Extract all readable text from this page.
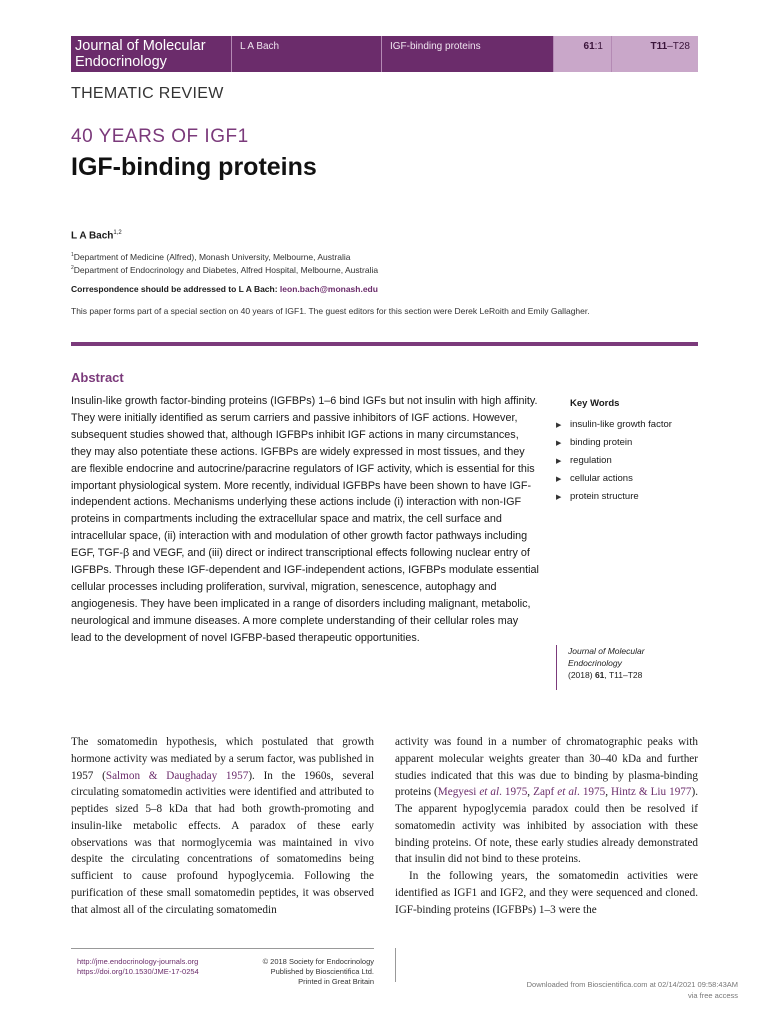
Journal of Molecular
Endocrinology
L A Bach	IGF-binding proteins	61:1	T11–T28
THEMATIC REVIEW
40 YEARS OF IGF1
IGF-binding proteins
L A Bach$^{1,2}$
$^1$Department of Medicine (Alfred), Monash University, Melbourne, Australia
$^2$Department of Endocrinology and Diabetes, Alfred Hospital, Melbourne, Australia
Correspondence should be addressed to L A Bach: leon.bach@monash.edu
This paper forms part of a special section on 40 years of IGF1. The guest editors for this section were Derek LeRoith and Emily Gallagher.
Abstract
Insulin-like growth factor-binding proteins (IGFBPs) 1–6 bind IGFs but not insulin with high affinity. They were initially identified as serum carriers and passive inhibitors of IGF actions. However, subsequent studies showed that, although IGFBPs inhibit IGF actions in many circumstances, they may also potentiate these actions. IGFBPs are widely expressed in most tissues, and they are flexible endocrine and autocrine/paracrine regulators of IGF activity, which is essential for this important physiological system. More recently, individual IGFBPs have been shown to have IGF-independent actions. Mechanisms underlying these actions include (i) interaction with non-IGF proteins in compartments including the extracellular space and matrix, the cell surface and intracellular space, (ii) interaction with and modulation of other growth factor pathways including EGF, TGF-β and VEGF, and (iii) direct or indirect transcriptional effects following nuclear entry of IGFBPs. Through these IGF-dependent and IGF-independent actions, IGFBPs modulate essential cellular processes including proliferation, survival, migration, senescence, autophagy and angiogenesis. They have been implicated in a range of disorders including malignant, metabolic, neurological and immune diseases. A more complete understanding of their cellular roles may lead to the development of novel IGFBP-based therapeutic opportunities.
Key Words
▶ insulin-like growth factor
▶ binding protein
▶ regulation
▶ cellular actions
▶ protein structure
Journal of Molecular
Endocrinology
(2018) 61, T11–T28

The somatomedin hypothesis, which postulated that growth hormone activity was mediated by a serum factor, was published in 1957 (Salmon & Daughaday 1957). In the 1960s, several circulating somatomedin activities were identified and attributed to peptides sized 5–8 kDa that had both growth-promoting and insulin-like metabolic effects. A paradox of these early observations was that normoglycemia was maintained in vivo despite the circulating concentrations of somatomedins being sufficient to cause profound hypoglycemia. Following the purification of these small somatomedin peptides, it was observed that almost all of the circulating somatomedin

activity was found in a number of chromatographic peaks with apparent molecular weights greater than 30–40 kDa and further studies indicated that this was due to binding by plasma-binding proteins (Megyesi et al. 1975, Zapf et al. 1975, Hintz & Liu 1977). The apparent hypoglycemia paradox could then be resolved if somatomedin activity was inhibited by association with these binding proteins. Of note, these early studies already demonstrated that insulin did not bind to these proteins.

In the following years, the somatomedin activities were identified as IGF1 and IGF2, and they were sequenced and cloned. IGF-binding proteins (IGFBPs) 1–3 were the

http://jme.endocrinology-journals.org
https://doi.org/10.1530/JME-17-0254
© 2018 Society for Endocrinology
Published by Bioscientifica Ltd.
Printed in Great Britain	Downloaded from Bioscientifica.com at 02/14/2021 09:58:43AM
via free access
